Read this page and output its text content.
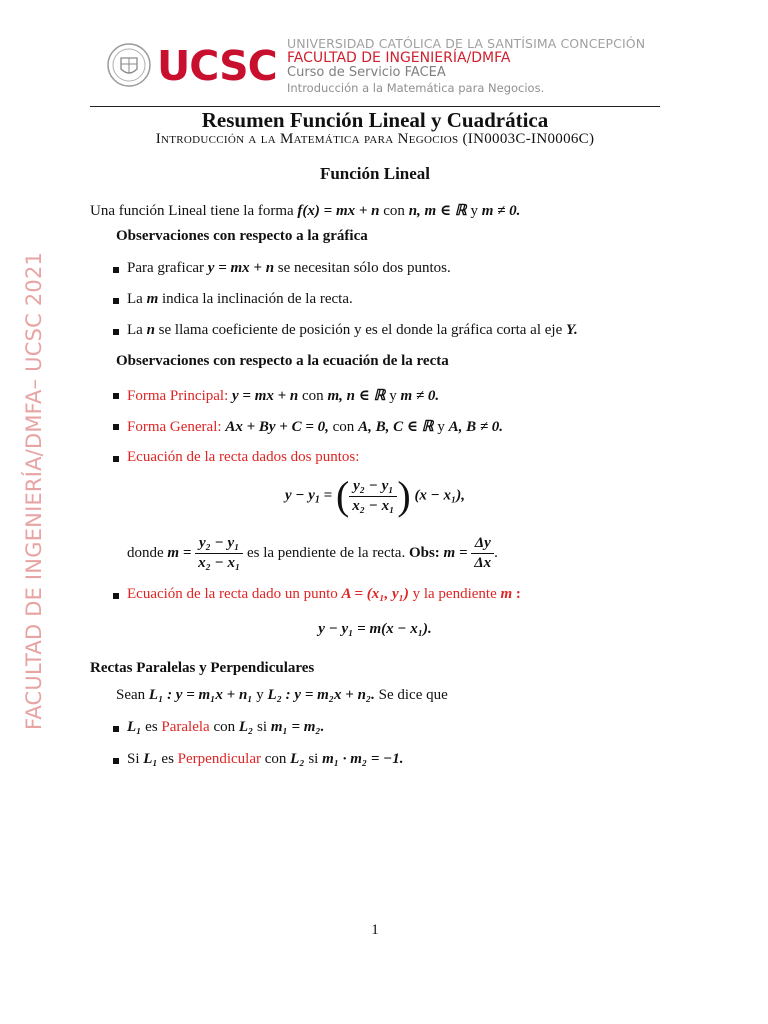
FACULTAD DE INGENIERÍA/DMFA– UCSC 2021
UCSC UNIVERSIDAD CATÓLICA DE LA SANTÍSIMA CONCEPCIÓN
FACULTAD DE INGENIERÍA/DMFA
Curso de Servicio FACEA
Introducción a la Matemática para Negocios.
Resumen Función Lineal y Cuadrática
Introducción a la Matemática para Negocios (IN0003C-IN0006C)
Función Lineal
Una función Lineal tiene la forma f(x) = mx + n con n, m ∈ ℝ y m ≠ 0.
Observaciones con respecto a la gráfica
Para graficar y = mx + n se necesitan sólo dos puntos.
La m indica la inclinación de la recta.
La n se llama coeficiente de posición y es el donde la gráfica corta al eje Y.
Observaciones con respecto a la ecuación de la recta
Forma Principal: y = mx + n con m, n ∈ ℝ y m ≠ 0.
Forma General: Ax + By + C = 0, con A, B, C ∈ ℝ y A, B ≠ 0.
Ecuación de la recta dados dos puntos:
$y - y_1$ = ( $\frac{\text{y₂ − y₁}}{\text{x₂ − x₁}}$ ) (x − x₁),
donde $m = \frac{\text{y₂ − y₁}}{\text{x₂ − x₁}}$ es la pendiente de la recta. Obs: $m = \frac{\Delta y}{\Delta x}$ .
Ecuación de la recta dado un punto A = (x₁, y₁) y la pendiente m :
y − y₁ = m(x − x₁).
Rectas Paralelas y Perpendiculares
Sean L₁ : y = m₁x + n₁ y L₂ : y = m₂x + n₂. Se dice que
L₁ es Paralela con L₂ si m₁ = m₂.
Si L₁ es Perpendicular con L₂ si m₁ · m₂ = −1.
1
